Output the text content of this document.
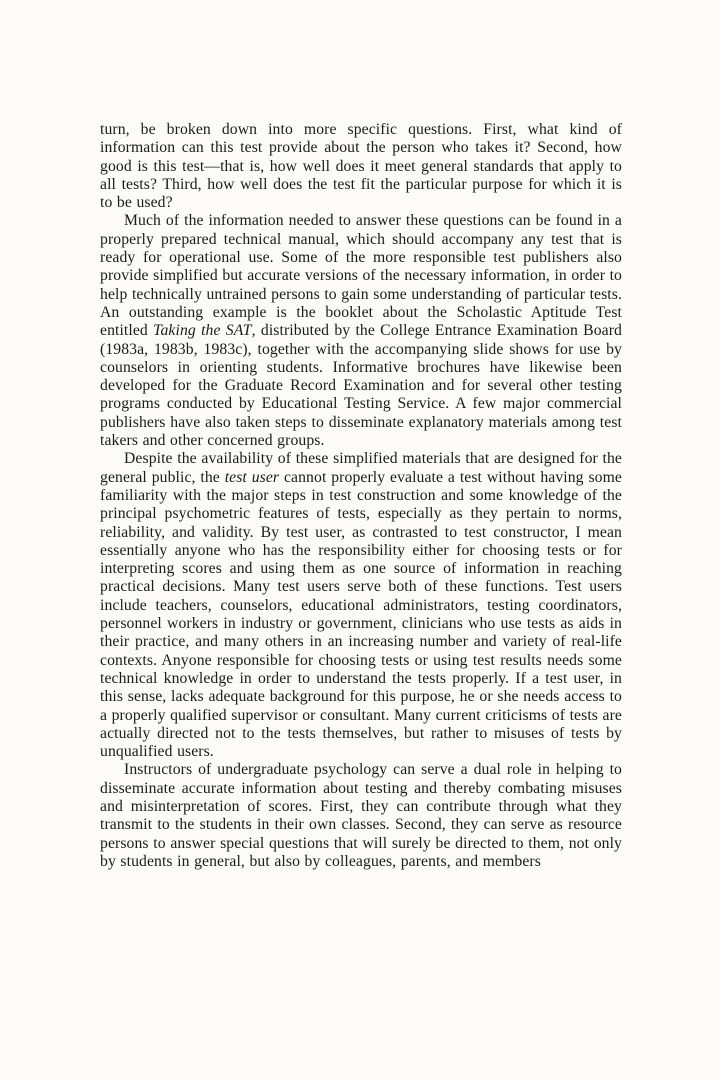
turn, be broken down into more specific questions. First, what kind of information can this test provide about the person who takes it? Second, how good is this test—that is, how well does it meet general standards that apply to all tests? Third, how well does the test fit the particular purpose for which it is to be used?

Much of the information needed to answer these questions can be found in a properly prepared technical manual, which should accompany any test that is ready for operational use. Some of the more responsible test publishers also provide simplified but accurate versions of the necessary information, in order to help technically untrained persons to gain some understanding of particular tests. An outstanding example is the booklet about the Scholastic Aptitude Test entitled Taking the SAT, distributed by the College Entrance Examination Board (1983a, 1983b, 1983c), together with the accompanying slide shows for use by counselors in orienting students. Informative brochures have likewise been developed for the Graduate Record Examination and for several other testing programs conducted by Educational Testing Service. A few major commercial publishers have also taken steps to disseminate explanatory materials among test takers and other concerned groups.

Despite the availability of these simplified materials that are designed for the general public, the test user cannot properly evaluate a test without having some familiarity with the major steps in test construction and some knowledge of the principal psychometric features of tests, especially as they pertain to norms, reliability, and validity. By test user, as contrasted to test constructor, I mean essentially anyone who has the responsibility either for choosing tests or for interpreting scores and using them as one source of information in reaching practical decisions. Many test users serve both of these functions. Test users include teachers, counselors, educational administrators, testing coordinators, personnel workers in industry or government, clinicians who use tests as aids in their practice, and many others in an increasing number and variety of real-life contexts. Anyone responsible for choosing tests or using test results needs some technical knowledge in order to understand the tests properly. If a test user, in this sense, lacks adequate background for this purpose, he or she needs access to a properly qualified supervisor or consultant. Many current criticisms of tests are actually directed not to the tests themselves, but rather to misuses of tests by unqualified users.

Instructors of undergraduate psychology can serve a dual role in helping to disseminate accurate information about testing and thereby combating misuses and misinterpretation of scores. First, they can contribute through what they transmit to the students in their own classes. Second, they can serve as resource persons to answer special questions that will surely be directed to them, not only by students in general, but also by colleagues, parents, and members
